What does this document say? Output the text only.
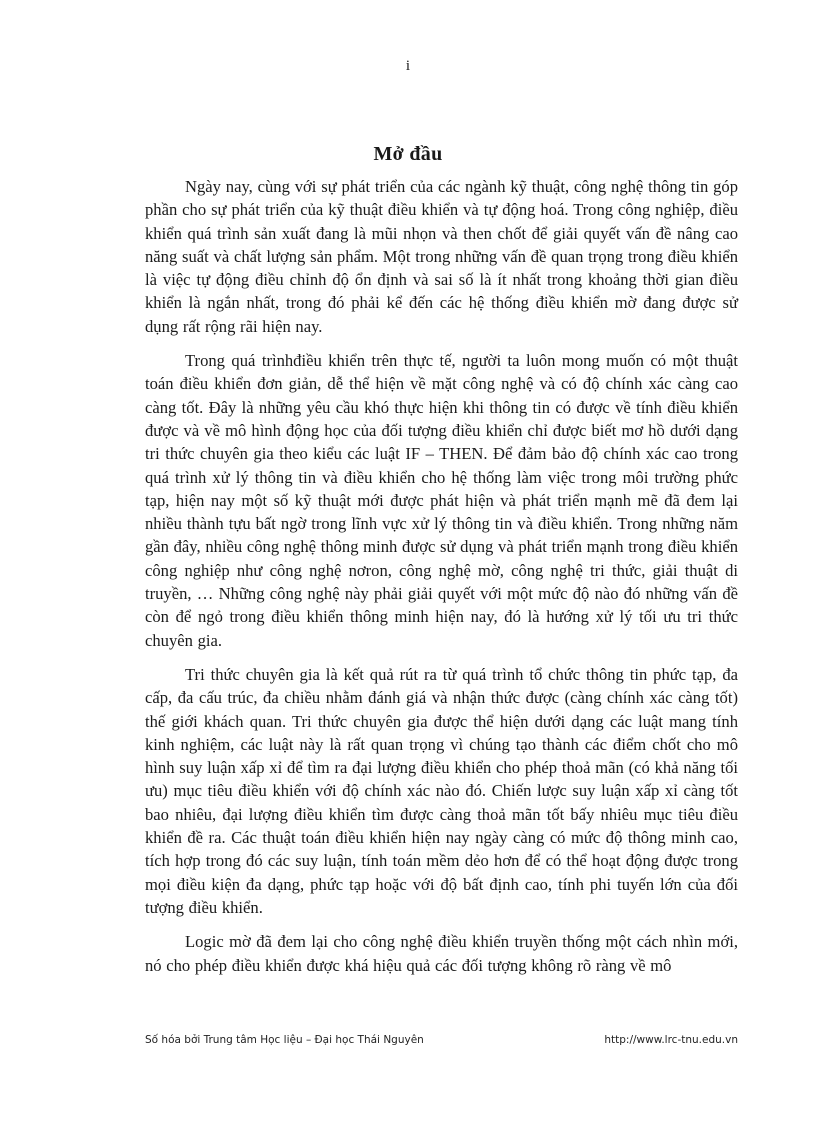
i
Mở đầu

Ngày nay, cùng với sự phát triển của các ngành kỹ thuật, công nghệ thông tin góp phần cho sự phát triển của kỹ thuật điều khiển và tự động hoá. Trong công nghiệp, điều khiển quá trình sản xuất đang là mũi nhọn và then chốt để giải quyết vấn đề nâng cao năng suất và chất lượng sản phẩm. Một trong những vấn đề quan trọng trong điều khiển là việc tự động điều chỉnh độ ổn định và sai số là ít nhất trong khoảng thời gian điều khiển là ngắn nhất, trong đó phải kể đến các hệ thống điều khiển mờ đang được sử dụng rất rộng rãi hiện nay.

Trong quá trìnhđiều khiển trên thực tế, người ta luôn mong muốn có một thuật toán điều khiển đơn giản, dễ thể hiện về mặt công nghệ và có độ chính xác càng cao càng tốt. Đây là những yêu cầu khó thực hiện khi thông tin có được về tính điều khiển được và về mô hình động học của đối tượng điều khiển chỉ được biết mơ hồ dưới dạng tri thức chuyên gia theo kiểu các luật IF – THEN. Để đảm bảo độ chính xác cao trong quá trình xử lý thông tin và điều khiển cho hệ thống làm việc trong môi trường phức tạp, hiện nay một số kỹ thuật mới được phát hiện và phát triển mạnh mẽ đã đem lại nhiều thành tựu bất ngờ trong lĩnh vực xử lý thông tin và điều khiển. Trong những năm gần đây, nhiều công nghệ thông minh được sử dụng và phát triển mạnh trong điều khiển công nghiệp như công nghệ nơron, công nghệ mờ, công nghệ tri thức, giải thuật di truyền, … Những công nghệ này phải giải quyết với một mức độ nào đó những vấn đề còn để ngỏ trong điều khiển thông minh hiện nay, đó là hướng xử lý tối ưu tri thức chuyên gia.

Tri thức chuyên gia là kết quả rút ra từ quá trình tổ chức thông tin phức tạp, đa cấp, đa cấu trúc, đa chiều nhằm đánh giá và nhận thức được (càng chính xác càng tốt) thế giới khách quan. Tri thức chuyên gia được thể hiện dưới dạng các luật mang tính kinh nghiệm, các luật này là rất quan trọng vì chúng tạo thành các điểm chốt cho mô hình suy luận xấp xỉ để tìm ra đại lượng điều khiển cho phép thoả mãn (có khả năng tối ưu) mục tiêu điều khiển với độ chính xác nào đó. Chiến lược suy luận xấp xỉ càng tốt bao nhiêu, đại lượng điều khiển tìm được càng thoả mãn tốt bấy nhiêu mục tiêu điều khiển đề ra. Các thuật toán điều khiển hiện nay ngày càng có mức độ thông minh cao, tích hợp trong đó các suy luận, tính toán mềm dẻo hơn để có thể hoạt động được trong mọi điều kiện đa dạng, phức tạp hoặc với độ bất định cao, tính phi tuyến lớn của đối tượng điều khiển.

Logic mờ đã đem lại cho công nghệ điều khiển truyền thống một cách nhìn mới, nó cho phép điều khiển được khá hiệu quả các đối tượng không rõ ràng về mô

Số hóa bởi Trung tâm Học liệu – Đại học Thái Nguyên	http://www.lrc-tnu.edu.vn
